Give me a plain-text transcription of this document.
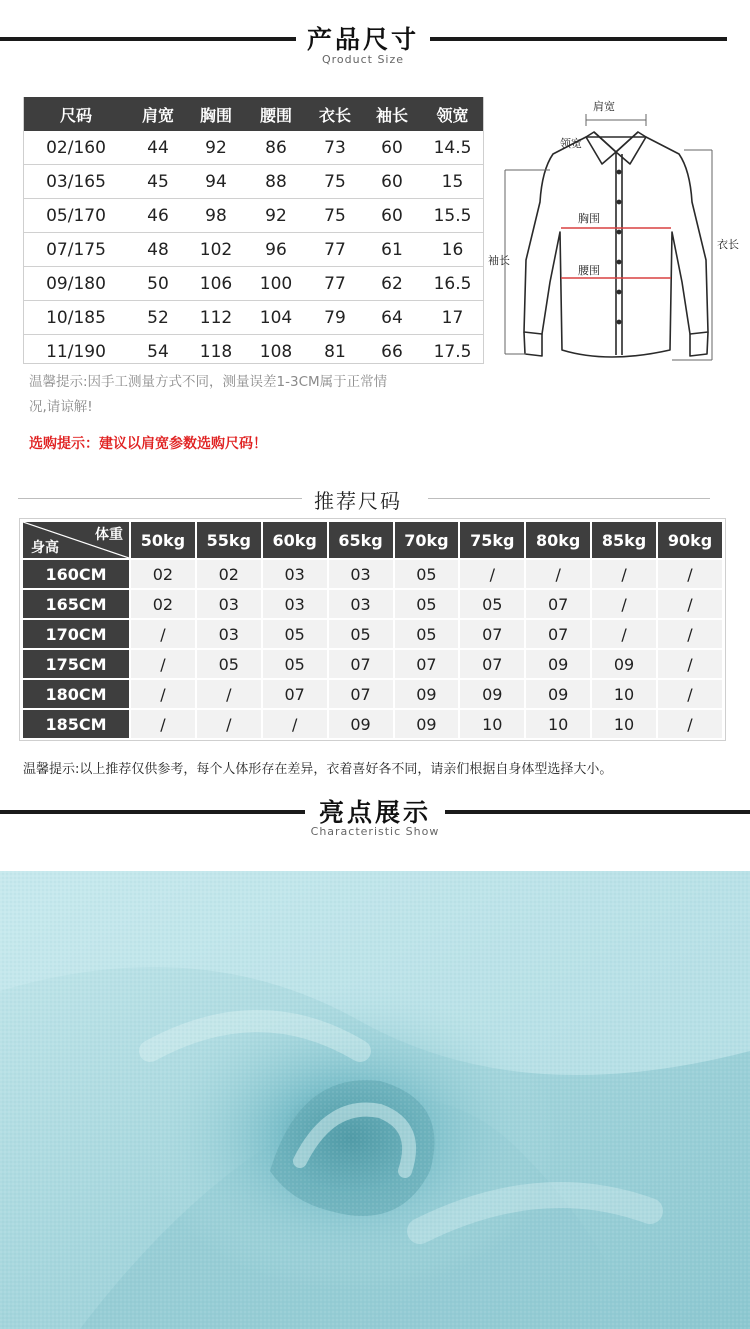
产品尺寸
Qroduct Size
尺码	肩宽	胸围	腰围	衣长	袖长	领宽
02/160	44	92	86	73	60	14.5
03/165	45	94	88	75	60	15
05/170	46	98	92	75	60	15.5
07/175	48	102	96	77	61	16
09/180	50	106	100	77	62	16.5
10/185	52	112	104	79	64	17
11/190	54	118	108	81	66	17.5
肩宽
领宽
胸围
腰围
袖长
衣长
温馨提示:因手工测量方式不同，测量误差1-3CM属于正常情
况,请谅解!
选购提示：建议以肩宽参数选购尺码！
推荐尺码
体重
身高	50kg	55kg	60kg	65kg	70kg	75kg	80kg	85kg	90kg
160CM	02	02	03	03	05	/	/	/	/
165CM	02	03	03	03	05	05	07	/	/
170CM	/	03	05	05	05	07	07	/	/
175CM	/	05	05	07	07	07	09	09	/
180CM	/	/	07	07	09	09	09	10	/
185CM	/	/	/	09	09	10	10	10	/
温馨提示:以上推荐仅供参考，每个人体形存在差异，衣着喜好各不同，请亲们根据自身体型选择大小。
亮点展示
Characteristic Show
